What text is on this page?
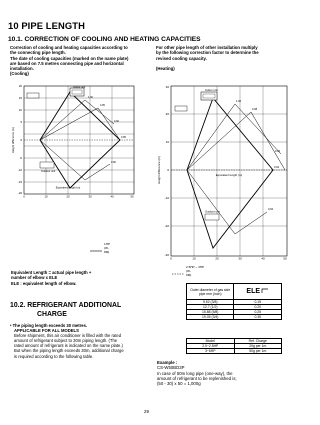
10 PIPE LENGTH
10.1. CORRECTION OF COOLING AND HEATING CAPACITIES
Correction of cooling and heating capacities according to
the connecting pipe length.
The date of cooling capacities (marked on the name plate)
are based on 7.5 metres connecting pipe and horizontal
installation.
(Cooling)
For other pipe length of other installation multiply
by the following correction factor to determine the
revised cooling capacity.
(Heating)
Indoor unit
Outdoor unit
20
15
10
5
0
-5
-10
-15
-20
0	10	20	30	40	50
1.00
0.95
0.90
0.85
0.80
Height difference (m)
Equivalent length (m)
Indoor unit
Outdoor unit
30
20
10
0
-10
-20
-30
0	10	20	30	40	50
1.00
0.98
0.96
0.94
0.92
Height difference (m)	Equivalent length (m)
1HP
(W-8M)
2.5HP ~ 3HP
(W-9M)
Equivalent Length = actual pipe length +
number of elbow x ELE
ELE : equivalent length of elbow.
Outer diameter of gas side pipe mm (inch)	ELE
9.52 (3/8)	0.15
12.7 (1/2)	0.20
15.88 (5/8)	0.25
19.05 (3/4)	0.35
Model	Ref. Charge
2.0~2.5HP	20g per 1m
3~6HP	50g per 1m
10.2. REFRIGERANT ADDITIONAL
CHARGE
• The piping length exceeds 30 metres.
APPLICABLE FOR ALL MODELS
Before shipment, this air conditioner is filled with the rated
amount of refrigerant subject to 30m piping length. (The
rated amount of refrigerant is indicated on the name plate.)
But when the piping length exceeds 30m, additional charge
is required according to the following table.
Example :
CS-W50BD3P
In case of 50m long pipe (one-way), the
amount of refrigerant to be replenished is;
(50 - 30) x 50 = 1,000g
29
